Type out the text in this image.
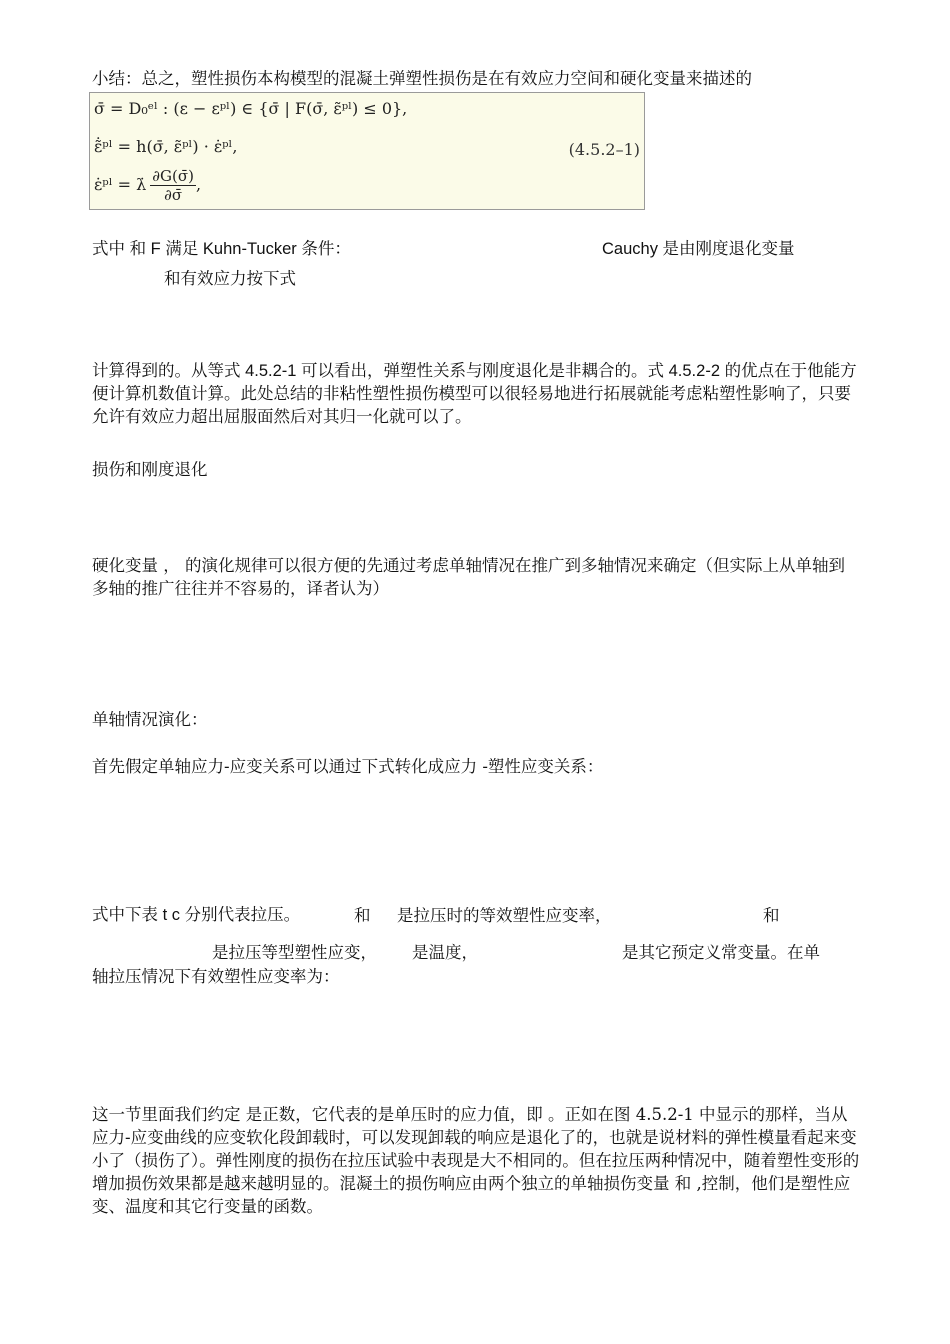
小结：总之，塑性损伤本构模型的混凝土弹塑性损伤是在有效应力空间和硬化变量来描述的

σ̄ = D₀ᵉˡ : (ε − εᵖˡ) ∈ {σ̄ | F(σ̄, ε̃ᵖˡ) ≤ 0},
ε̃̇ᵖˡ = h(σ̄, ε̃ᵖˡ) · ε̇ᵖˡ,
ε̇ᵖˡ = λ̇ $\frac{\partial G(\sigmā)}{\partial\sigmā}$ ,
(4.5.2–1)
式中 和 F 满足 Kuhn-Tucker 条件：	Cauchy 是由刚度退化变量
和有效应力按下式

计算得到的。从等式 4.5.2-1 可以看出，弹塑性关系与刚度退化是非耦合的。式 4.5.2-2 的优点在于他能方便计算机数值计算。此处总结的非粘性塑性损伤模型可以很轻易地进行拓展就能考虑粘塑性影响了，只要允许有效应力超出屈服面然后对其归一化就可以了。

损伤和刚度退化

硬化变量 ， 的演化规律可以很方便的先通过考虑单轴情况在推广到多轴情况来确定（但实际上从单轴到多轴的推广往往并不容易的，译者认为）

单轴情况演化：

首先假定单轴应力-应变关系可以通过下式转化成应力 -塑性应变关系：

式中下表 t c 分别代表拉压。	和 是拉压时的等效塑性应变率，	和
是拉压等型塑性应变， 是温度，	是其它预定义常变量。在单
轴拉压情况下有效塑性应变率为：

这一节里面我们约定 是正数，它代表的是单压时的应力值，即 。正如在图 4.5.2-1 中显示的那样，当从应力-应变曲线的应变软化段卸载时，可以发现卸载的响应是退化了的，也就是说材料的弹性模量看起来变小了（损伤了）。弹性刚度的损伤在拉压试验中表现是大不相同的。但在拉压两种情况中，随着塑性变形的增加损伤效果都是越来越明显的。混凝土的损伤响应由两个独立的单轴损伤变量 和 ,控制，他们是塑性应变、温度和其它行变量的函数。
